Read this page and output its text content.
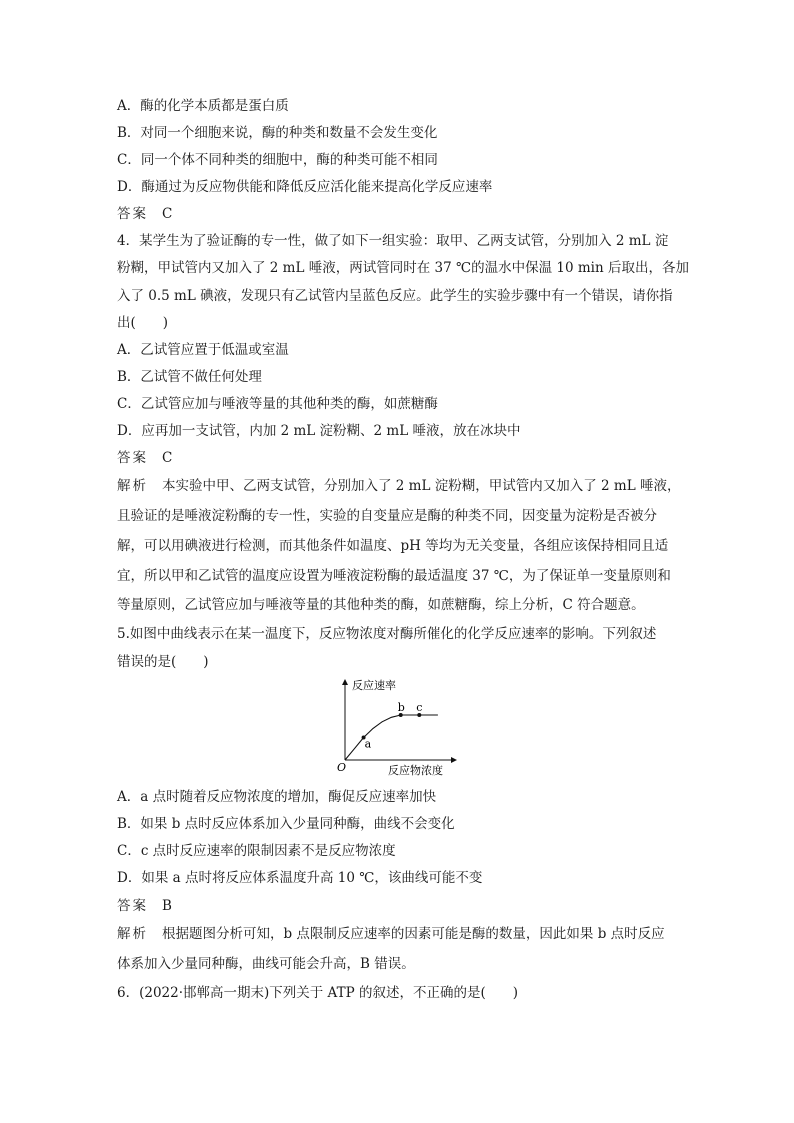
A．酶的化学本质都是蛋白质
B．对同一个细胞来说，酶的种类和数量不会发生变化
C．同一个体不同种类的细胞中，酶的种类可能不相同
D．酶通过为反应物供能和降低反应活化能来提高化学反应速率
答案 C
4．某学生为了验证酶的专一性，做了如下一组实验：取甲、乙两支试管，分别加入 2 mL 淀
粉糊，甲试管内又加入了 2 mL 唾液，两试管同时在 37 ℃的温水中保温 10 min 后取出，各加
入了 0.5 mL 碘液，发现只有乙试管内呈蓝色反应。此学生的实验步骤中有一个错误，请你指
出(　　)
A．乙试管应置于低温或室温
B．乙试管不做任何处理
C．乙试管应加与唾液等量的其他种类的酶，如蔗糖酶
D．应再加一支试管，内加 2 mL 淀粉糊、2 mL 唾液，放在冰块中
答案 C
解析 本实验中甲、乙两支试管，分别加入了 2 mL 淀粉糊，甲试管内又加入了 2 mL 唾液，
且验证的是唾液淀粉酶的专一性，实验的自变量应是酶的种类不同，因变量为淀粉是否被分
解，可以用碘液进行检测，而其他条件如温度、pH 等均为无关变量，各组应该保持相同且适
宜，所以甲和乙试管的温度应设置为唾液淀粉酶的最适温度 37 ℃，为了保证单一变量原则和
等量原则，乙试管应加与唾液等量的其他种类的酶，如蔗糖酶，综上分析，C 符合题意。
5.如图中曲线表示在某一温度下，反应物浓度对酶所催化的化学反应速率的影响。下列叙述
错误的是(　　)
反应速率
反应物浓度
O
a
b c
A．a 点时随着反应物浓度的增加，酶促反应速率加快
B．如果 b 点时反应体系加入少量同种酶，曲线不会变化
C．c 点时反应速率的限制因素不是反应物浓度
D．如果 a 点时将反应体系温度升高 10 ℃，该曲线可能不变
答案 B
解析 根据题图分析可知，b 点限制反应速率的因素可能是酶的数量，因此如果 b 点时反应
体系加入少量同种酶，曲线可能会升高，B 错误。
6．(2022·邯郸高一期末)下列关于 ATP 的叙述，不正确的是(　　)
